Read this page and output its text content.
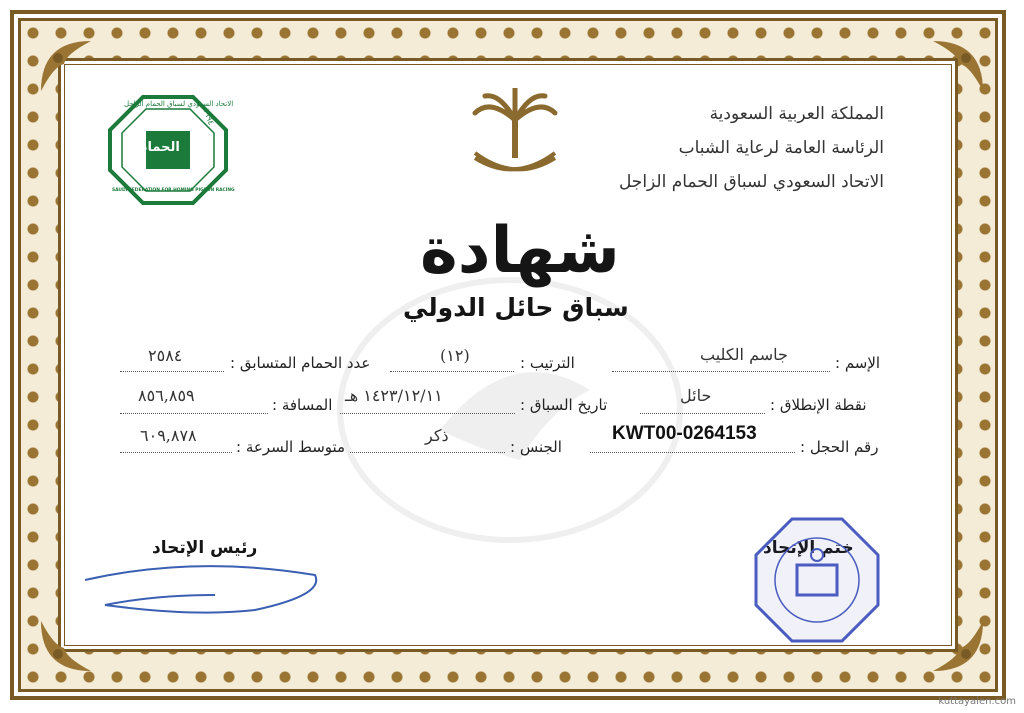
الحمام
١٩٩٤
الاتحاد السعودي لسباق الحمام الزاجل
SAUDI FEDERATION FOR HOMING PIGEON RACING
المملكة العربية السعودية
الرئاسة العامة لرعاية الشباب
الاتحاد السعودي لسباق الحمام الزاجل
شهادة
سباق حائل الدولي
الإسم :
جاسم الكليب
الترتيب :
(١٢)
عدد الحمام المتسابق :
٢٥٨٤
نقطة الإنطلاق :
حائل
تاريخ السباق :
١٤٢٣/١٢/١١ هـ
المسافة :
٨٥٦,٨٥٩
رقم الحجل :
KWT00-0264153
الجنس :
ذكر
متوسط السرعة :
٦٠٩,٨٧٨
رئيس الإتحاد
kuttayalen.com
